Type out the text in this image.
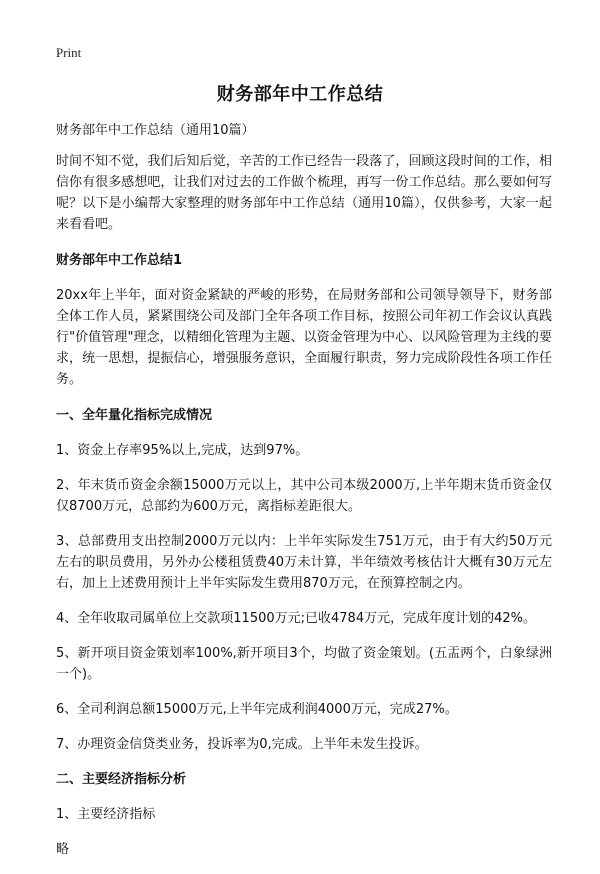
Print
财务部年中工作总结

财务部年中工作总结（通用10篇）

时间不知不觉，我们后知后觉，辛苦的工作已经告一段落了，回顾这段时间的工作，相信你有很多感想吧，让我们对过去的工作做个梳理，再写一份工作总结。那么要如何写呢？以下是小编帮大家整理的财务部年中工作总结（通用10篇），仅供参考，大家一起来看看吧。

财务部年中工作总结1

20xx年上半年，面对资金紧缺的严峻的形势，在局财务部和公司领导领导下，财务部全体工作人员，紧紧围绕公司及部门全年各项工作目标，按照公司年初工作会议认真践行"价值管理"理念，以精细化管理为主题、以资金管理为中心、以风险管理为主线的要求，统一思想，提振信心，增强服务意识，全面履行职责，努力完成阶段性各项工作任务。

一、全年量化指标完成情况

1、资金上存率95%以上,完成，达到97%。

2、年末货币资金余额15000万元以上，其中公司本级2000万,上半年期末货币资金仅仅8700万元，总部约为600万元，离指标差距很大。

3、总部费用支出控制2000万元以内：上半年实际发生751万元，由于有大约50万元左右的职员费用，另外办公楼租赁费40万未计算，半年绩效考核估计大概有30万元左右，加上上述费用预计上半年实际发生费用870万元，在预算控制之内。

4、全年收取司属单位上交款项11500万元;已收4784万元，完成年度计划的42%。

5、新开项目资金策划率100%,新开项目3个，均做了资金策划。(五盂两个，白象绿洲一个)。

6、全司利润总额15000万元,上半年完成利润4000万元，完成27%。

7、办理资金信贷类业务，投诉率为0,完成。上半年未发生投诉。

二、主要经济指标分析

1、主要经济指标

略
